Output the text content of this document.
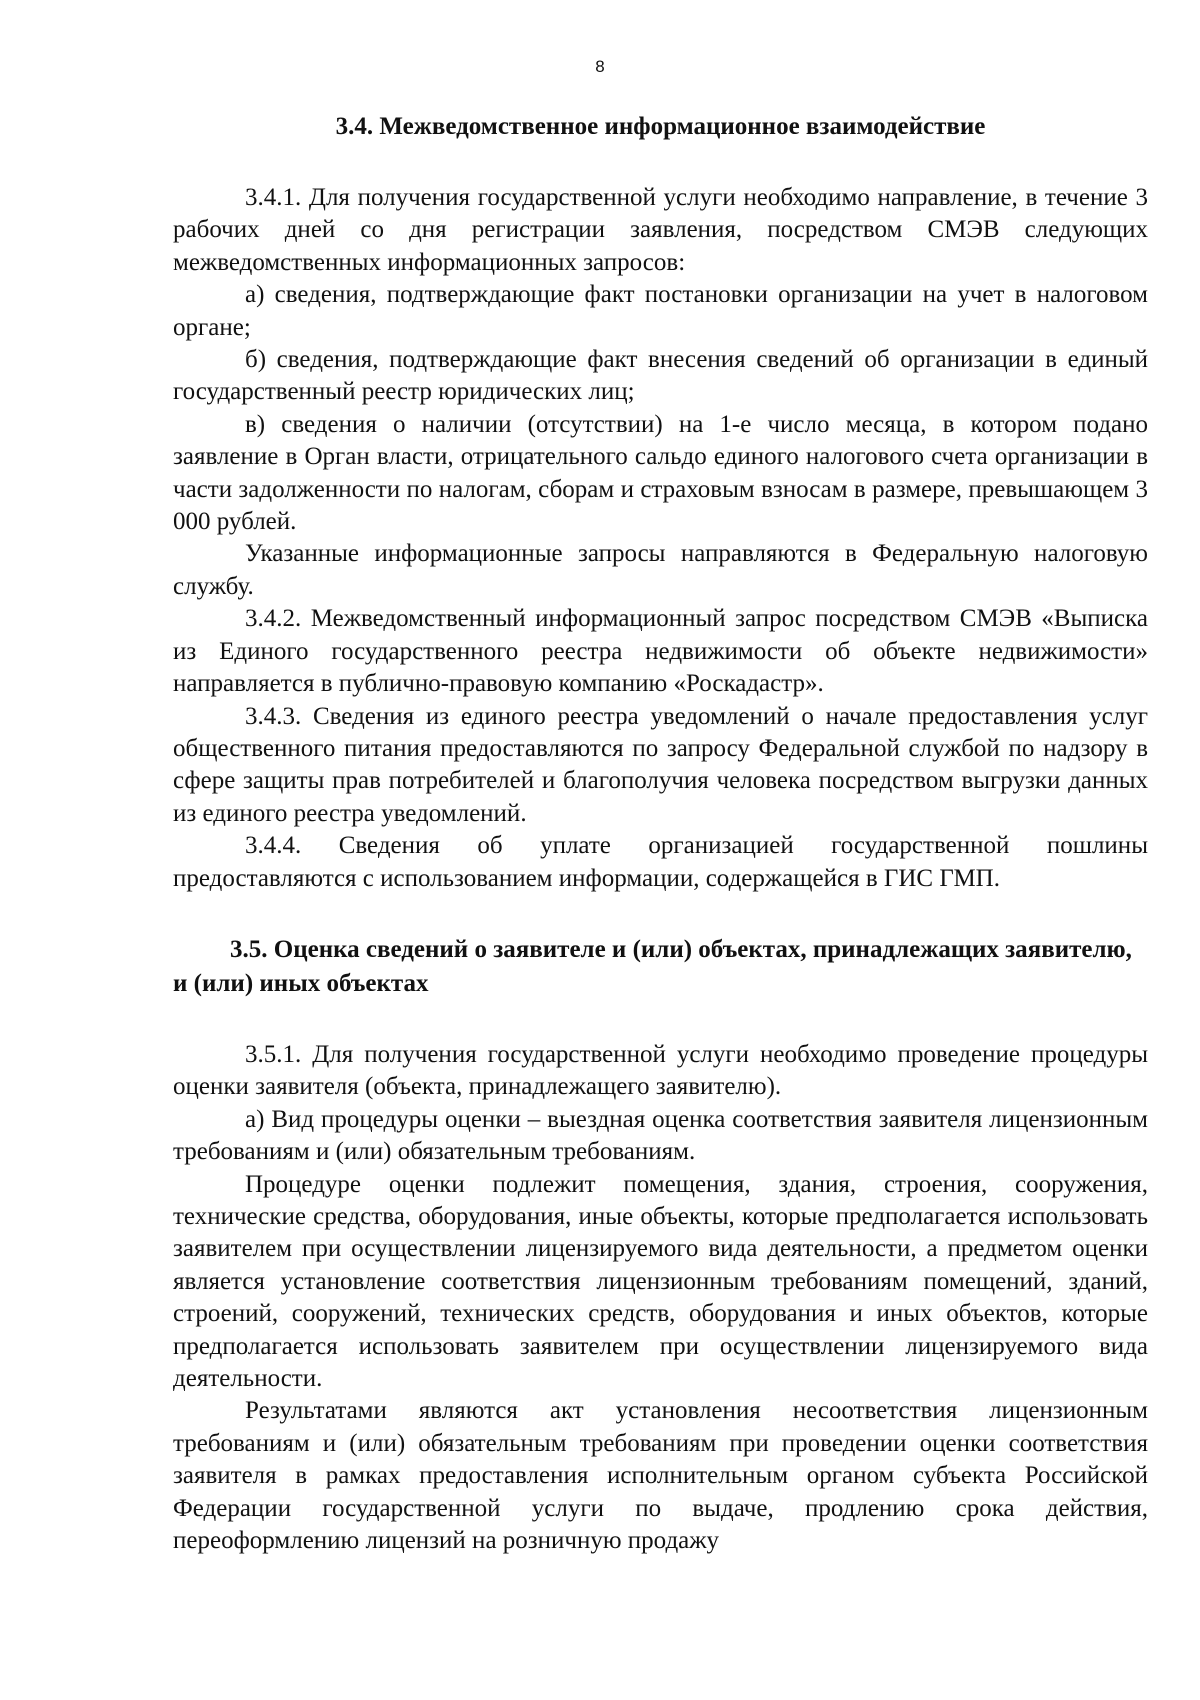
8
3.4. Межведомственное информационное взаимодействие

3.4.1. Для получения государственной услуги необходимо направление, в течение 3 рабочих дней со дня регистрации заявления, посредством СМЭВ следующих межведомственных информационных запросов:

а) сведения, подтверждающие факт постановки организации на учет в налоговом органе;

б) сведения, подтверждающие факт внесения сведений об организации в единый государственный реестр юридических лиц;

в) сведения о наличии (отсутствии) на 1-е число месяца, в котором подано заявление в Орган власти, отрицательного сальдо единого налогового счета организации в части задолженности по налогам, сборам и страховым взносам в размере, превышающем 3 000 рублей.

Указанные информационные запросы направляются в Федеральную налоговую службу.

3.4.2. Межведомственный информационный запрос посредством СМЭВ «Выписка из Единого государственного реестра недвижимости об объекте недвижимости» направляется в публично-правовую компанию «Роскадастр».

3.4.3. Сведения из единого реестра уведомлений о начале предоставления услуг общественного питания предоставляются по запросу Федеральной службой по надзору в сфере защиты прав потребителей и благополучия человека посредством выгрузки данных из единого реестра уведомлений.

3.4.4. Сведения об уплате организацией государственной пошлины предоставляются с использованием информации, содержащейся в ГИС ГМП.

3.5. Оценка сведений о заявителе и (или) объектах, принадлежащих заявителю, и (или) иных объектах

3.5.1. Для получения государственной услуги необходимо проведение процедуры оценки заявителя (объекта, принадлежащего заявителю).

а) Вид процедуры оценки – выездная оценка соответствия заявителя лицензионным требованиям и (или) обязательным требованиям.

Процедуре оценки подлежит помещения, здания, строения, сооружения, технические средства, оборудования, иные объекты, которые предполагается использовать заявителем при осуществлении лицензируемого вида деятельности, а предметом оценки является установление соответствия лицензионным требованиям помещений, зданий, строений, сооружений, технических средств, оборудования и иных объектов, которые предполагается использовать заявителем при осуществлении лицензируемого вида деятельности.

Результатами являются акт установления несоответствия лицензионным требованиям и (или) обязательным требованиям при проведении оценки соответствия заявителя в рамках предоставления исполнительным органом субъекта Российской Федерации государственной услуги по выдаче, продлению срока действия, переоформлению лицензий на розничную продажу
